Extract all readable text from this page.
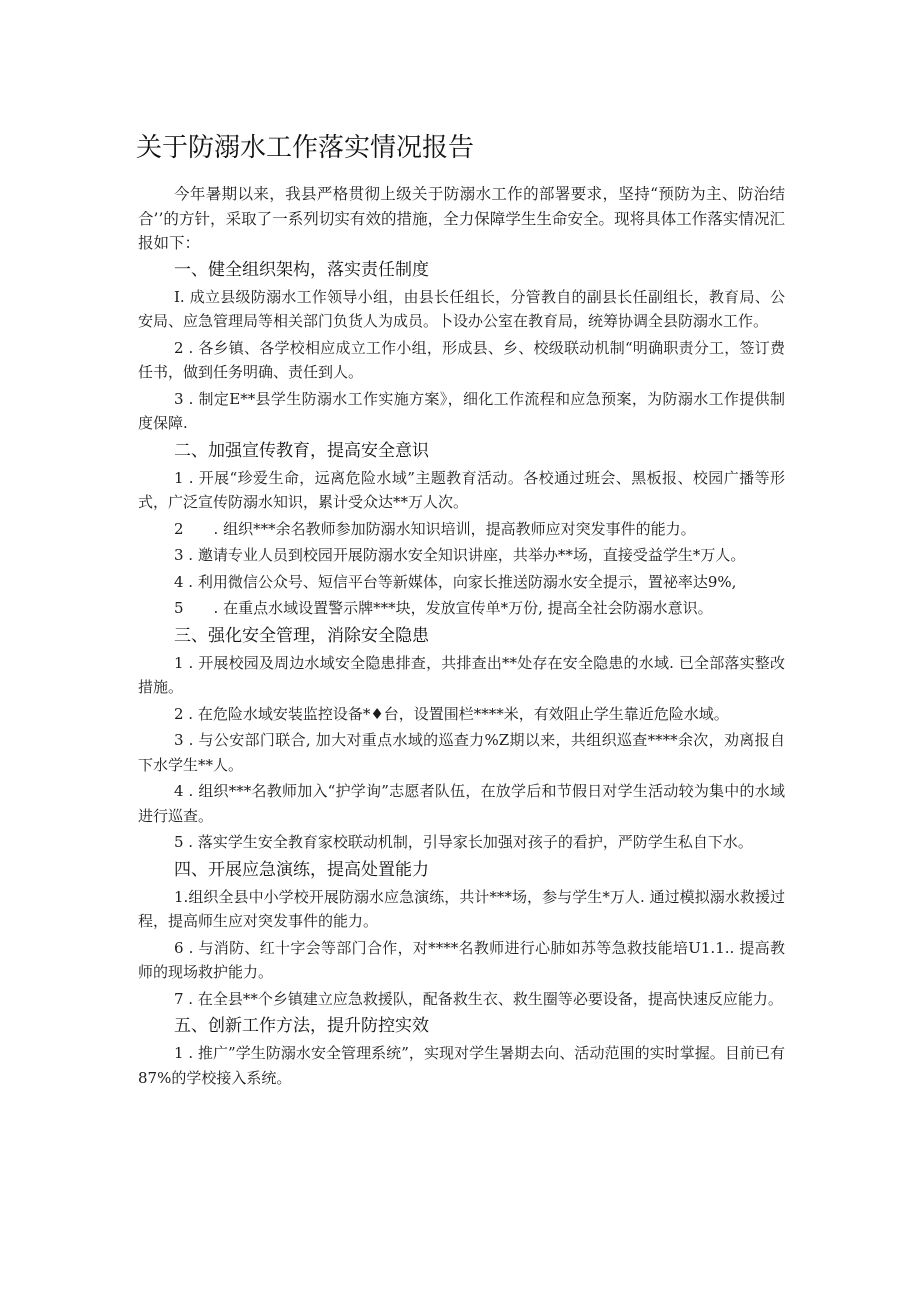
关于防溺水工作落实情况报告

今年暑期以来，我县严格贯彻上级关于防溺水工作的部署要求，坚持“预防为主、防治结合’’的方针，采取了一系列切实有效的措施，全力保障学生生命安全。现将具体工作落实情况汇报如下：

一、健全组织架构，落实责任制度

I. 成立县级防溺水工作领导小组，由县长任组长，分管教自的副县长任副组长，教育局、公安局、应急管理局等相关部门负货人为成员。卜设办公室在教育局，统筹协调全县防溺水工作。

2 . 各乡镇、各学校相应成立工作小组，形成县、乡、校级联动机制“明确职责分工，签订费任书，做到任务明确、责任到人。

3 . 制定E**县学生防溺水工作实施方案》，细化工作流程和应急预案，为防溺水工作提供制度保障.

二、加强宣传教育，提高安全意识

1 . 开展“珍爱生命，远离危险水域”主题教育活动。各校通过班会、黑板报、校园广播等形式，广泛宣传防溺水知识，累计受众达**万人次。

2　　. 组织***余名教师参加防溺水知识培训，提高教师应对突发事件的能力。

3 . 邀请专业人员到校园开展防溺水安全知识讲座，共举办**场，直接受益学生*万人。

4 . 利用微信公众号、短信平台等新媒体，向家长推送防溺水安全提示，置祕率达9%,

5　　. 在重点水域设置警示牌***块，发放宣传单*万份, 提高全社会防溺水意识。

三、强化安全管理，消除安全隐患

1 . 开展校园及周边水域安全隐患排查，共排查出**处存在安全隐患的水域. 已全部落实整改措施。

2 . 在危险水域安装监控设备*♦台，设置围栏****米，有效阻止学生靠近危险水域。

3 . 与公安部门联合, 加大对重点水域的巡查力%Z期以来，共组织巡查****余次，劝离报自下水学生**人。

4 . 组织***名教师加入“护学询”志愿者队伍，在放学后和节假日对学生活动较为集中的水域进行巡查。

5 . 落实学生安全教育家校联动机制，引导家长加强对孩子的看护，严防学生私自下水。

四、开展应急演练，提高处置能力

1.组织全县中小学校开展防溺水应急演练，共计***场，参与学生*万人. 通过模拟溺水救援过程，提高师生应对突发事件的能力。

6 . 与消防、红十字会等部门合作，对****名教师进行心肺如苏等急救技能培U1.1.. 提高教师的现场救护能力。

7 . 在全县**个乡镇建立应急救援队，配备救生衣、救生圈等必要设备，提高快速反应能力。

五、创新工作方法，提升防控实效

1 . 推广”学生防溺水安全管理系统”，实现对学生暑期去向、活动范围的实时掌握。目前已有87%的学校接入系统。
